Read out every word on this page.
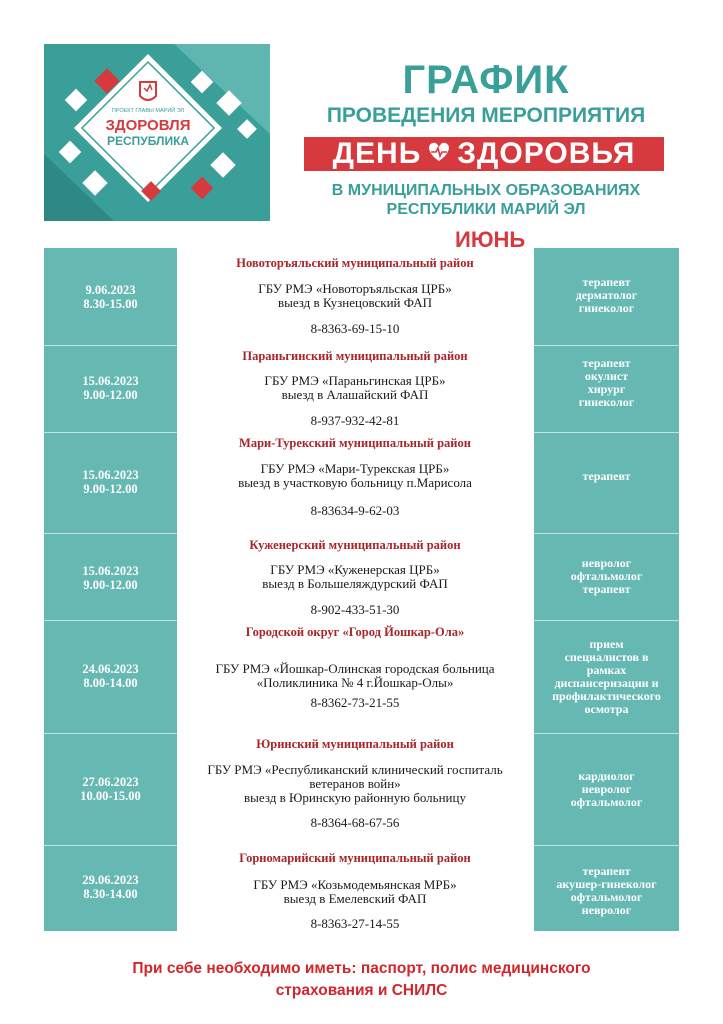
ПРОЕКТ ГЛАВЫ МАРИЙ ЭЛ
ЗДОРОВЛЯ
РЕСПУБЛИКА
ГРАФИК
ПРОВЕДЕНИЯ МЕРОПРИЯТИЯ
ДЕНЬ ЗДОРОВЬЯ
В МУНИЦИПАЛЬНЫХ ОБРАЗОВАНИЯХ
РЕСПУБЛИКИ МАРИЙ ЭЛ
ИЮНЬ
Новоторъяльский муниципальный район
9.06.2023
8.30-15.00
ГБУ РМЭ «Новоторъяльская ЦРБ»
выезд в Кузнецовский ФАП
8-8363-69-15-10
терапевт
дерматолог
гинеколог
Параньгинский муниципальный район
15.06.2023
9.00-12.00
ГБУ РМЭ «Параньгинская ЦРБ»
выезд в Алашайский ФАП
8-937-932-42-81
терапевт
окулист
хирург
гинеколог
Мари-Турекский муниципальный район
15.06.2023
9.00-12.00
ГБУ РМЭ «Мари-Турекская ЦРБ»
выезд в участковую больницу п.Марисола
8-83634-9-62-03
терапевт
Куженерский муниципальный район
15.06.2023
9.00-12.00
ГБУ РМЭ «Куженерская ЦРБ»
выезд в Большеляждурский ФАП
8-902-433-51-30
невролог
офтальмолог
терапевт
Городской округ «Город Йошкар-Ола»
24.06.2023
8.00-14.00
ГБУ РМЭ «Йошкар-Олинская городская больница
«Поликлиника № 4 г.Йошкар-Олы»
8-8362-73-21-55
прием
специалистов в
рамках
диспансеризации и
профилактического
осмотра
Юринский муниципальный район
27.06.2023
10.00-15.00
ГБУ РМЭ «Республиканский клинический госпиталь
ветеранов войн»
выезд в Юринскую районную больницу
8-8364-68-67-56
кардиолог
невролог
офтальмолог
Горномарийский муниципальный район
29.06.2023
8.30-14.00
ГБУ РМЭ «Козьмодемьянская МРБ»
выезд в Емелевский ФАП
8-8363-27-14-55
терапевт
акушер-гинеколог
офтальмолог
невролог
При себе необходимо иметь: паспорт, полис медицинского
страхования и СНИЛС
